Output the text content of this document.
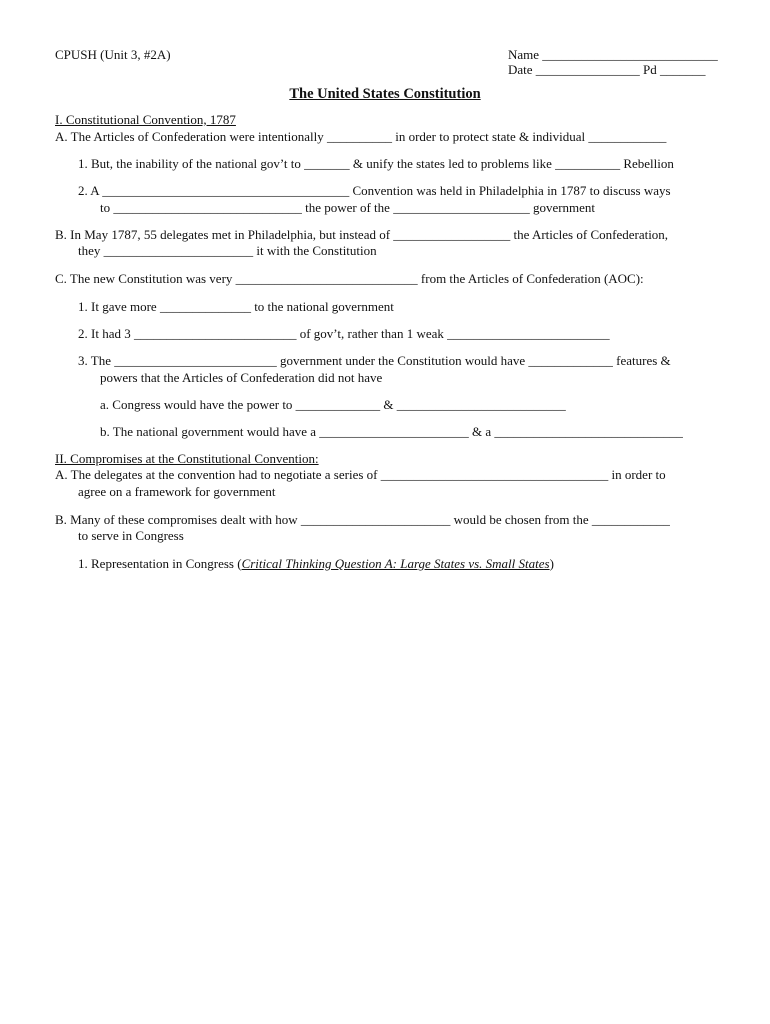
CPUSH (Unit 3, #2A)	Name ___________________________
Date ________________ Pd _______
The United States Constitution
I. Constitutional Convention, 1787
A. The Articles of Confederation were intentionally __________ in order to protect state & individual ____________
1. But, the inability of the national gov’t to _______ & unify the states led to problems like __________ Rebellion
2. A ______________________________________ Convention was held in Philadelphia in 1787 to discuss ways
to _____________________________ the power of the _____________________ government
B. In May 1787, 55 delegates met in Philadelphia, but instead of __________________ the Articles of Confederation,
they _______________________ it with the Constitution
C. The new Constitution was very ____________________________ from the Articles of Confederation (AOC):
1. It gave more ______________ to the national government
2. It had 3 _________________________ of gov’t, rather than 1 weak _________________________
3. The _________________________ government under the Constitution would have _____________ features &
powers that the Articles of Confederation did not have
a. Congress would have the power to _____________ & __________________________
b. The national government would have a _______________________ & a _____________________________
II. Compromises at the Constitutional Convention:
A. The delegates at the convention had to negotiate a series of ___________________________________ in order to
agree on a framework for government
B. Many of these compromises dealt with how _______________________ would be chosen from the ____________
to serve in Congress
1. Representation in Congress (Critical Thinking Question A: Large States vs. Small States)
